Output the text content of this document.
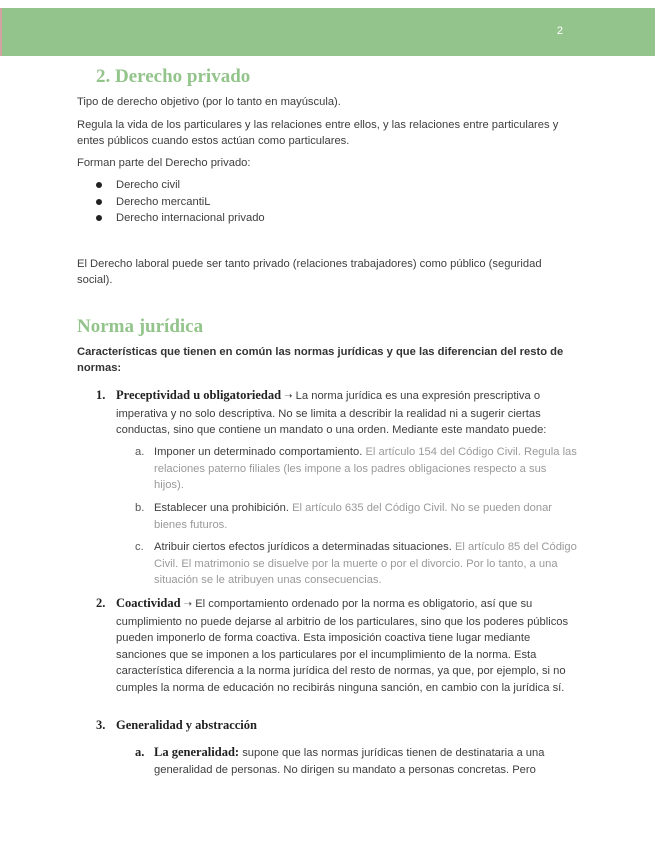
2
2. Derecho privado

Tipo de derecho objetivo (por lo tanto en mayúscula).

Regula la vida de los particulares y las relaciones entre ellos, y las relaciones entre particulares y entes públicos cuando estos actúan como particulares.

Forman parte del Derecho privado:

Derecho civil
Derecho mercantiL
Derecho internacional privado

El Derecho laboral puede ser tanto privado (relaciones trabajadores) como público (seguridad social).

Norma jurídica

Características que tienen en común las normas jurídicas y que las diferencian del resto de normas:

1. Preceptividad u obligatoriedad ➝ La norma jurídica es una expresión prescriptiva o imperativa y no solo descriptiva. No se limita a describir la realidad ni a sugerir ciertas conductas, sino que contiene un mandato o una orden. Mediante este mandato puede:
a. Imponer un determinado comportamiento. El artículo 154 del Código Civil. Regula las relaciones paterno filiales (les impone a los padres obligaciones respecto a sus hijos).
b. Establecer una prohibición. El artículo 635 del Código Civil. No se pueden donar bienes futuros.
c. Atribuir ciertos efectos jurídicos a determinadas situaciones. El artículo 85 del Código Civil. El matrimonio se disuelve por la muerte o por el divorcio. Por lo tanto, a una situación se le atribuyen unas consecuencias.
2. Coactividad ➝ El comportamiento ordenado por la norma es obligatorio, así que su cumplimiento no puede dejarse al arbitrio de los particulares, sino que los poderes públicos pueden imponerlo de forma coactiva. Esta imposición coactiva tiene lugar mediante sanciones que se imponen a los particulares por el incumplimiento de la norma. Esta característica diferencia a la norma jurídica del resto de normas, ya que, por ejemplo, si no cumples la norma de educación no recibirás ninguna sanción, en cambio con la jurídica sí.
3. Generalidad y abstracción
a. La generalidad: supone que las normas jurídicas tienen de destinataria a una generalidad de personas. No dirigen su mandato a personas concretas. Pero
